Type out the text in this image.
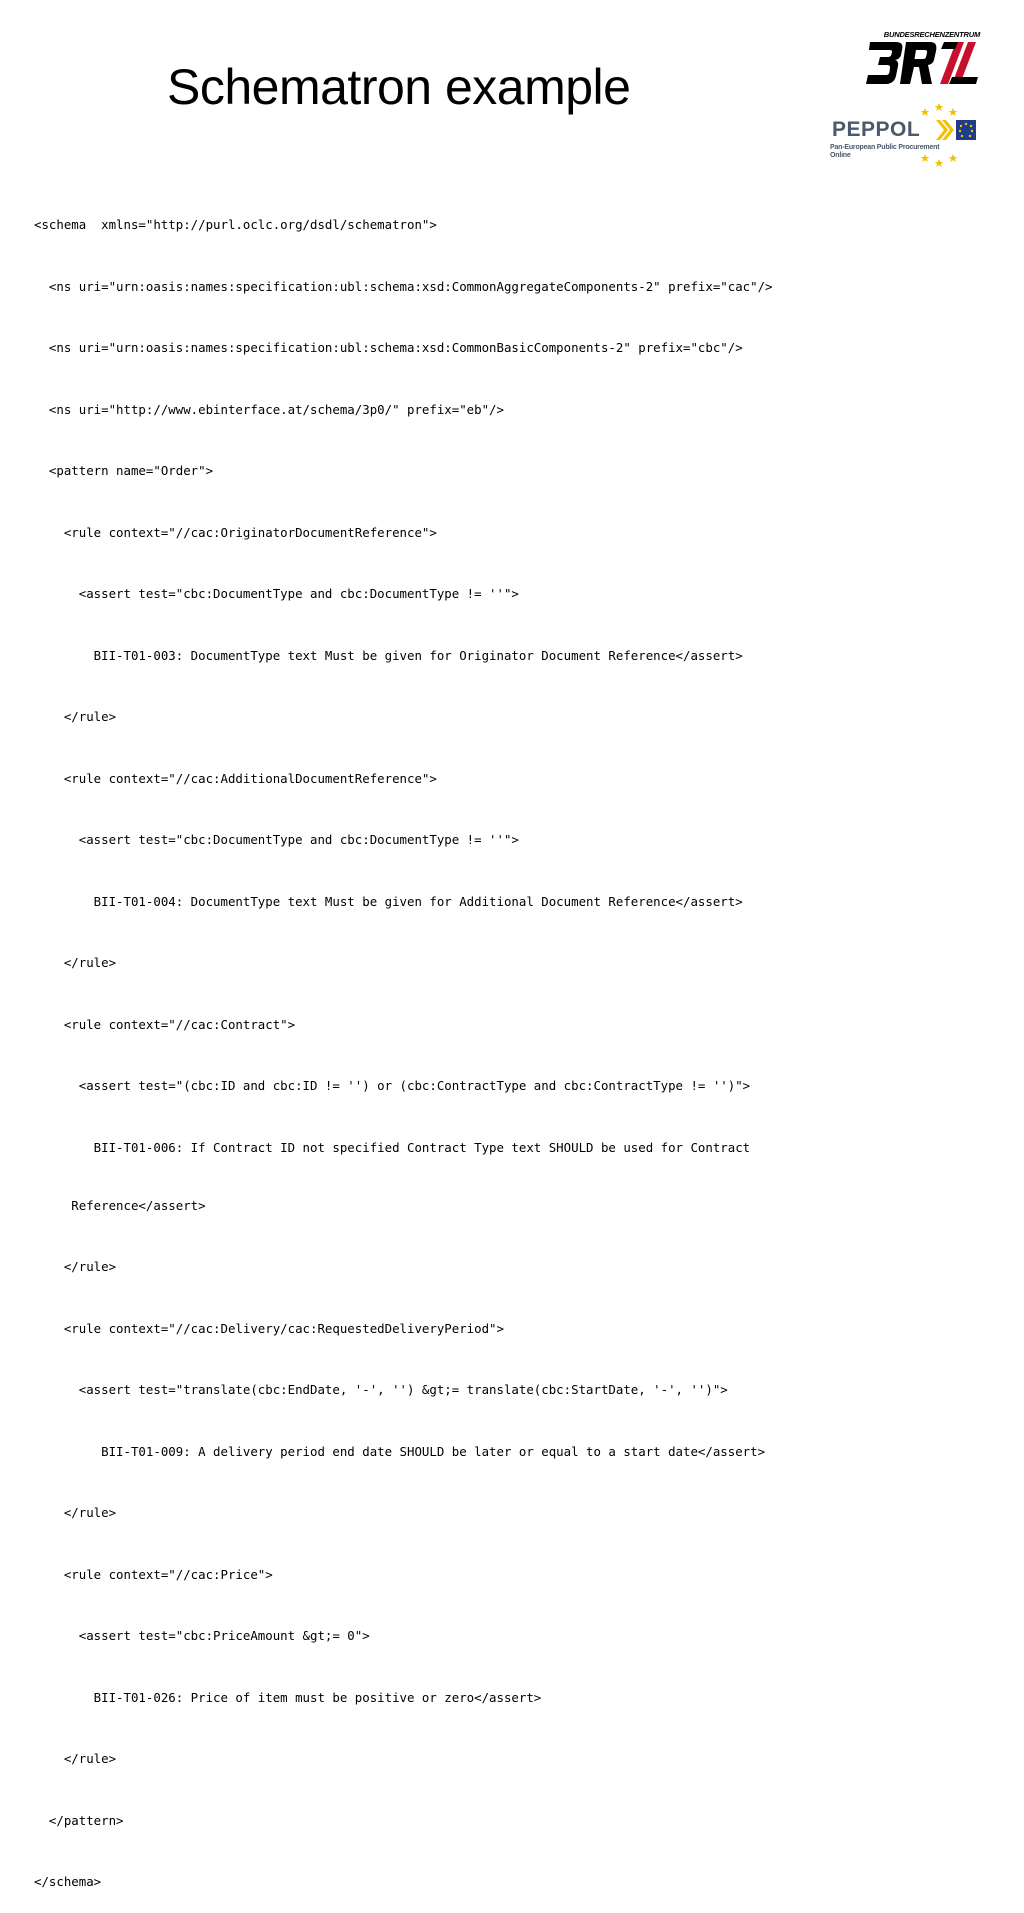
Schematron example
BUNDESRECHENZENTRUM
PEPPOL
Pan-European Public Procurement
Online

<schema  xmlns="http://purl.oclc.org/dsdl/schematron">

<ns uri="urn:oasis:names:specification:ubl:schema:xsd:CommonAggregateComponents-2" prefix="cac"/>

<ns uri="urn:oasis:names:specification:ubl:schema:xsd:CommonBasicComponents-2" prefix="cbc"/>

<ns uri="http://www.ebinterface.at/schema/3p0/" prefix="eb"/>

<pattern name="Order">

<rule context="//cac:OriginatorDocumentReference">

<assert test="cbc:DocumentType and cbc:DocumentType != ''">

BII-T01-003: DocumentType text Must be given for Originator Document Reference</assert>

</rule>

<rule context="//cac:AdditionalDocumentReference">

<assert test="cbc:DocumentType and cbc:DocumentType != ''">

BII-T01-004: DocumentType text Must be given for Additional Document Reference</assert>

</rule>

<rule context="//cac:Contract">

<assert test="(cbc:ID and cbc:ID != '') or (cbc:ContractType and cbc:ContractType != '')">

BII-T01-006: If Contract ID not specified Contract Type text SHOULD be used for Contract

Reference</assert>

</rule>

<rule context="//cac:Delivery/cac:RequestedDeliveryPeriod">

<assert test="translate(cbc:EndDate, '-', '') &gt;= translate(cbc:StartDate, '-', '')">

BII-T01-009: A delivery period end date SHOULD be later or equal to a start date</assert>

</rule>

<rule context="//cac:Price">

<assert test="cbc:PriceAmount &gt;= 0">

BII-T01-026: Price of item must be positive or zero</assert>

</rule>

</pattern>

</schema>
